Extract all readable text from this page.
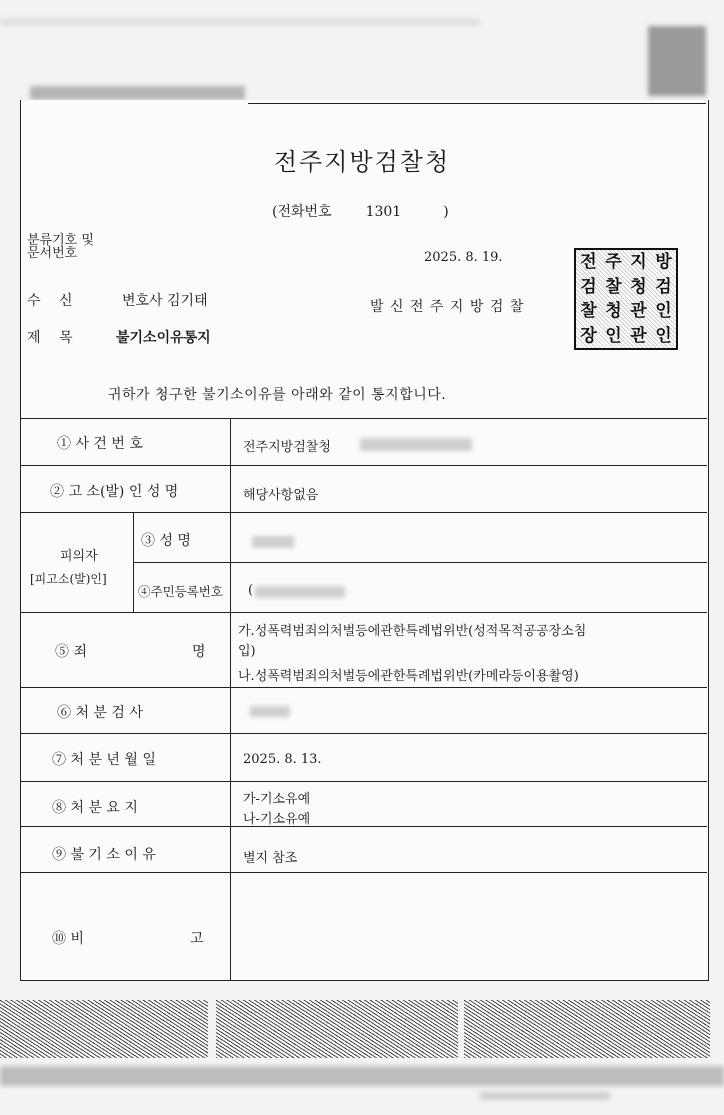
전주지방검찰청
(전화번호 1301	)
분류기호 및
문서번호	2025. 8. 19.
수 신	변호사 김기태	발 신 전 주 지 방 검 찰
제 목	불기소이유통지
전 주 지 방
검 찰 청 검
찰 청 관 인
장 인 관 인
귀하가 청구한 불기소이유를 아래와 같이 통지합니다.
① 사 건 번 호	전주지방검찰청
② 고 소(발) 인 성 명	해당사항없음
피의자
[피고소(발)인]
③ 성 명
④주민등록번호 (
⑤ 죄	명
가.성폭력범죄의처벌등에관한특례법위반(성적목적공공장소침
입)
나.성폭력범죄의처벌등에관한특례법위반(카메라등이용촬영)
⑥ 처 분 검 사
⑦ 처 분 년 월 일	2025. 8. 13.
⑧ 처 분 요 지
가-기소유예
나-기소유예
⑨ 불 기 소 이 유	별지 참조
⑩ 비	고
